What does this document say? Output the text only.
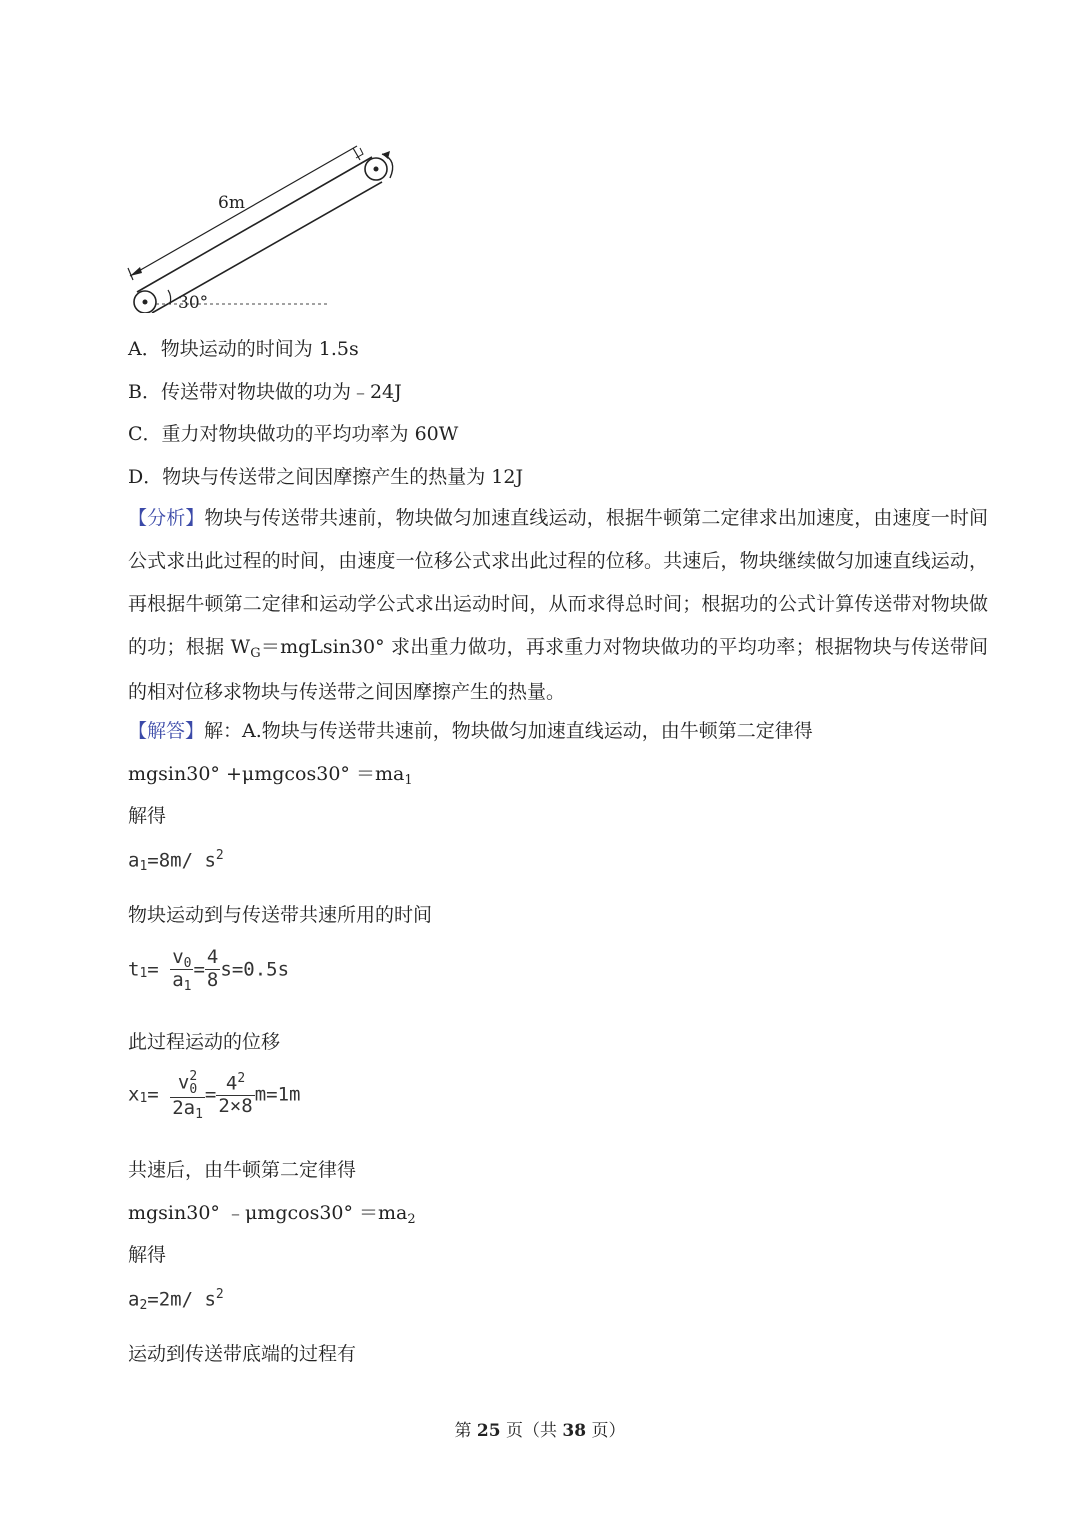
6m
30°
A．物块运动的时间为 1.5s
B．传送带对物块做的功为﹣24J
C．重力对物块做功的平均功率为 60W
D．物块与传送带之间因摩擦产生的热量为 12J
【分析】物块与传送带共速前，物块做匀加速直线运动，根据牛顿第二定律求出加速度，由速度一时间公式求出此过程的时间，由速度一位移公式求出此过程的位移。共速后，物块继续做匀加速直线运动，再根据牛顿第二定律和运动学公式求出运动时间，从而求得总时间；根据功的公式计算传送带对物块做的功；根据 $W_G=mgLsin30^\circ$ 求出重力做功，再求重力对物块做功的平均功率；根据物块与传送带间的相对位移求物块与传送带之间因摩擦产生的热量。
【解答】解：A.物块与传送带共速前，物块做匀加速直线运动，由牛顿第二定律得
$mgsin30^\circ +\mu mgcos30^\circ =ma_1$
解得
$a_1=8m/$ $s^2$
物块运动到与传送带共速所用的时间
$t_1= \frac{v_0}{a_1} = \frac{4}{8} s=0.5s$
此过程运动的位移
$x_1= v$ 2
0
$2a_1 = \frac{4^2}{2\times 8} m=1m$
共速后，由牛顿第二定律得
mgsin30° ﹣μmgcos30° $=ma_2$
解得
$a_2=2m/$ $s^2$
运动到传送带底端的过程有
第 25 页（共 38 页）
